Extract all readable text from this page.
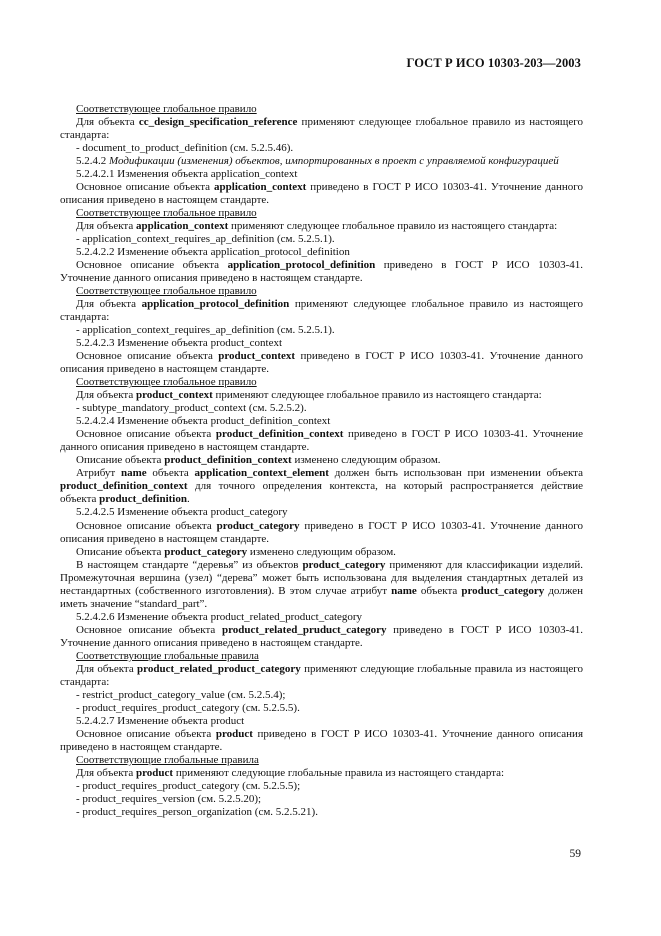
ГОСТ Р ИСО 10303-203—2003

Соответствующее глобальное правило

Для объекта cc_design_specification_reference применяют следующее глобальное правило из настоящего стандарта:

- document_to_product_definition (см. 5.2.5.46).

5.2.4.2 Модификации (изменения) объектов, импортированных в проект с управляемой конфигурацией

5.2.4.2.1 Изменения объекта application_context

Основное описание объекта application_context приведено в ГОСТ Р ИСО 10303-41. Уточнение данного описания приведено в настоящем стандарте.

Соответствующее глобальное правило

Для объекта application_context применяют следующее глобальное правило из настоящего стандарта:

- application_context_requires_ap_definition (см. 5.2.5.1).

5.2.4.2.2 Изменение объекта application_protocol_definition

Основное описание объекта application_protocol_definition приведено в ГОСТ Р ИСО 10303-41. Уточнение данного описания приведено в настоящем стандарте.

Соответствующее глобальное правило

Для объекта application_protocol_definition применяют следующее глобальное правило из настоящего стандарта:

- application_context_requires_ap_definition (см. 5.2.5.1).

5.2.4.2.3 Изменение объекта product_context

Основное описание объекта product_context приведено в ГОСТ Р ИСО 10303-41. Уточнение данного описания приведено в настоящем стандарте.

Соответствующее глобальное правило

Для объекта product_context применяют следующее глобальное правило из настоящего стандарта:

- subtype_mandatory_product_context (см. 5.2.5.2).

5.2.4.2.4 Изменение объекта product_definition_context

Основное описание объекта product_definition_context приведено в ГОСТ Р ИСО 10303-41. Уточнение данного описания приведено в настоящем стандарте.

Описание объекта product_definition_context изменено следующим образом.

Атрибут name объекта application_context_element должен быть использован при изменении объекта product_definition_context для точного определения контекста, на который распространяется действие объекта product_definition.

5.2.4.2.5 Изменение объекта product_category

Основное описание объекта product_category приведено в ГОСТ Р ИСО 10303-41. Уточнение данного описания приведено в настоящем стандарте.

Описание объекта product_category изменено следующим образом.

В настоящем стандарте “деревья” из объектов product_category применяют для классификации изделий. Промежуточная вершина (узел) “дерева” может быть использована для выделения стандартных деталей из нестандартных (собственного изготовления). В этом случае атрибут name объекта product_category должен иметь значение “standard_part”.

5.2.4.2.6 Изменение объекта product_related_product_category

Основное описание объекта product_related_pruduct_category приведено в ГОСТ Р ИСО 10303-41. Уточнение данного описания приведено в настоящем стандарте.

Соответствующие глобальные правила

Для объекта product_related_product_category применяют следующие глобальные правила из настоящего стандарта:

- restrict_product_category_value (см. 5.2.5.4);

- product_requires_product_category (см. 5.2.5.5).

5.2.4.2.7 Изменение объекта product

Основное описание объекта product приведено в ГОСТ Р ИСО 10303-41. Уточнение данного описания приведено в настоящем стандарте.

Соответствующие глобальные правила

Для объекта product применяют следующие глобальные правила из настоящего стандарта:

- product_requires_product_category (см. 5.2.5.5);

- product_requires_version (см. 5.2.5.20);

- product_requires_person_organization (см. 5.2.5.21).

59
